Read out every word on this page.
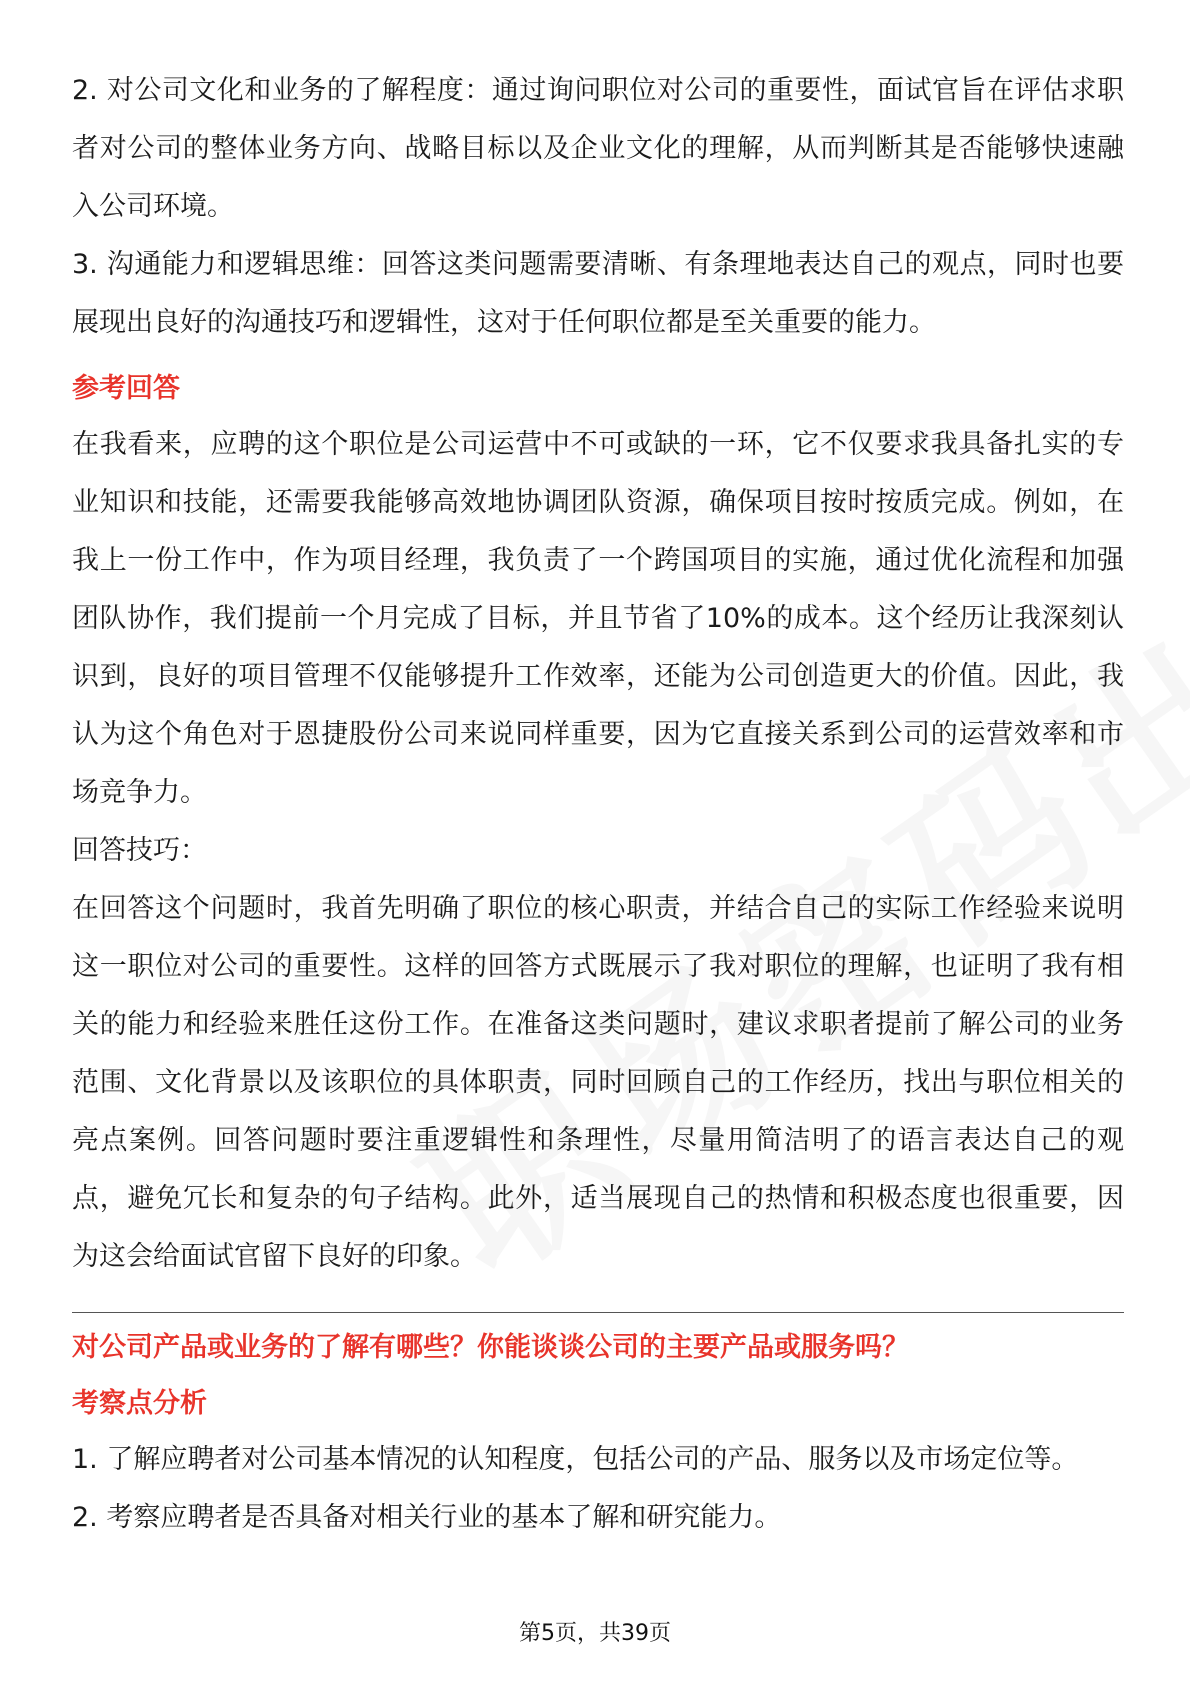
2. 对公司文化和业务的了解程度：通过询问职位对公司的重要性，面试官旨在评估求职者对公司的整体业务方向、战略目标以及企业文化的理解，从而判断其是否能够快速融入公司环境。

3. 沟通能力和逻辑思维：回答这类问题需要清晰、有条理地表达自己的观点，同时也要展现出良好的沟通技巧和逻辑性，这对于任何职位都是至关重要的能力。

参考回答

在我看来，应聘的这个职位是公司运营中不可或缺的一环，它不仅要求我具备扎实的专业知识和技能，还需要我能够高效地协调团队资源，确保项目按时按质完成。例如，在我上一份工作中，作为项目经理，我负责了一个跨国项目的实施，通过优化流程和加强团队协作，我们提前一个月完成了目标，并且节省了10%的成本。这个经历让我深刻认识到，良好的项目管理不仅能够提升工作效率，还能为公司创造更大的价值。因此，我认为这个角色对于恩捷股份公司来说同样重要，因为它直接关系到公司的运营效率和市场竞争力。

回答技巧：

在回答这个问题时，我首先明确了职位的核心职责，并结合自己的实际工作经验来说明这一职位对公司的重要性。这样的回答方式既展示了我对职位的理解，也证明了我有相关的能力和经验来胜任这份工作。在准备这类问题时，建议求职者提前了解公司的业务范围、文化背景以及该职位的具体职责，同时回顾自己的工作经历，找出与职位相关的亮点案例。回答问题时要注重逻辑性和条理性，尽量用简洁明了的语言表达自己的观点，避免冗长和复杂的句子结构。此外，适当展现自己的热情和积极态度也很重要，因为这会给面试官留下良好的印象。

对公司产品或业务的了解有哪些？你能谈谈公司的主要产品或服务吗？

考察点分析

1. 了解应聘者对公司基本情况的认知程度，包括公司的产品、服务以及市场定位等。

2. 考察应聘者是否具备对相关行业的基本了解和研究能力。

第5页，共39页
